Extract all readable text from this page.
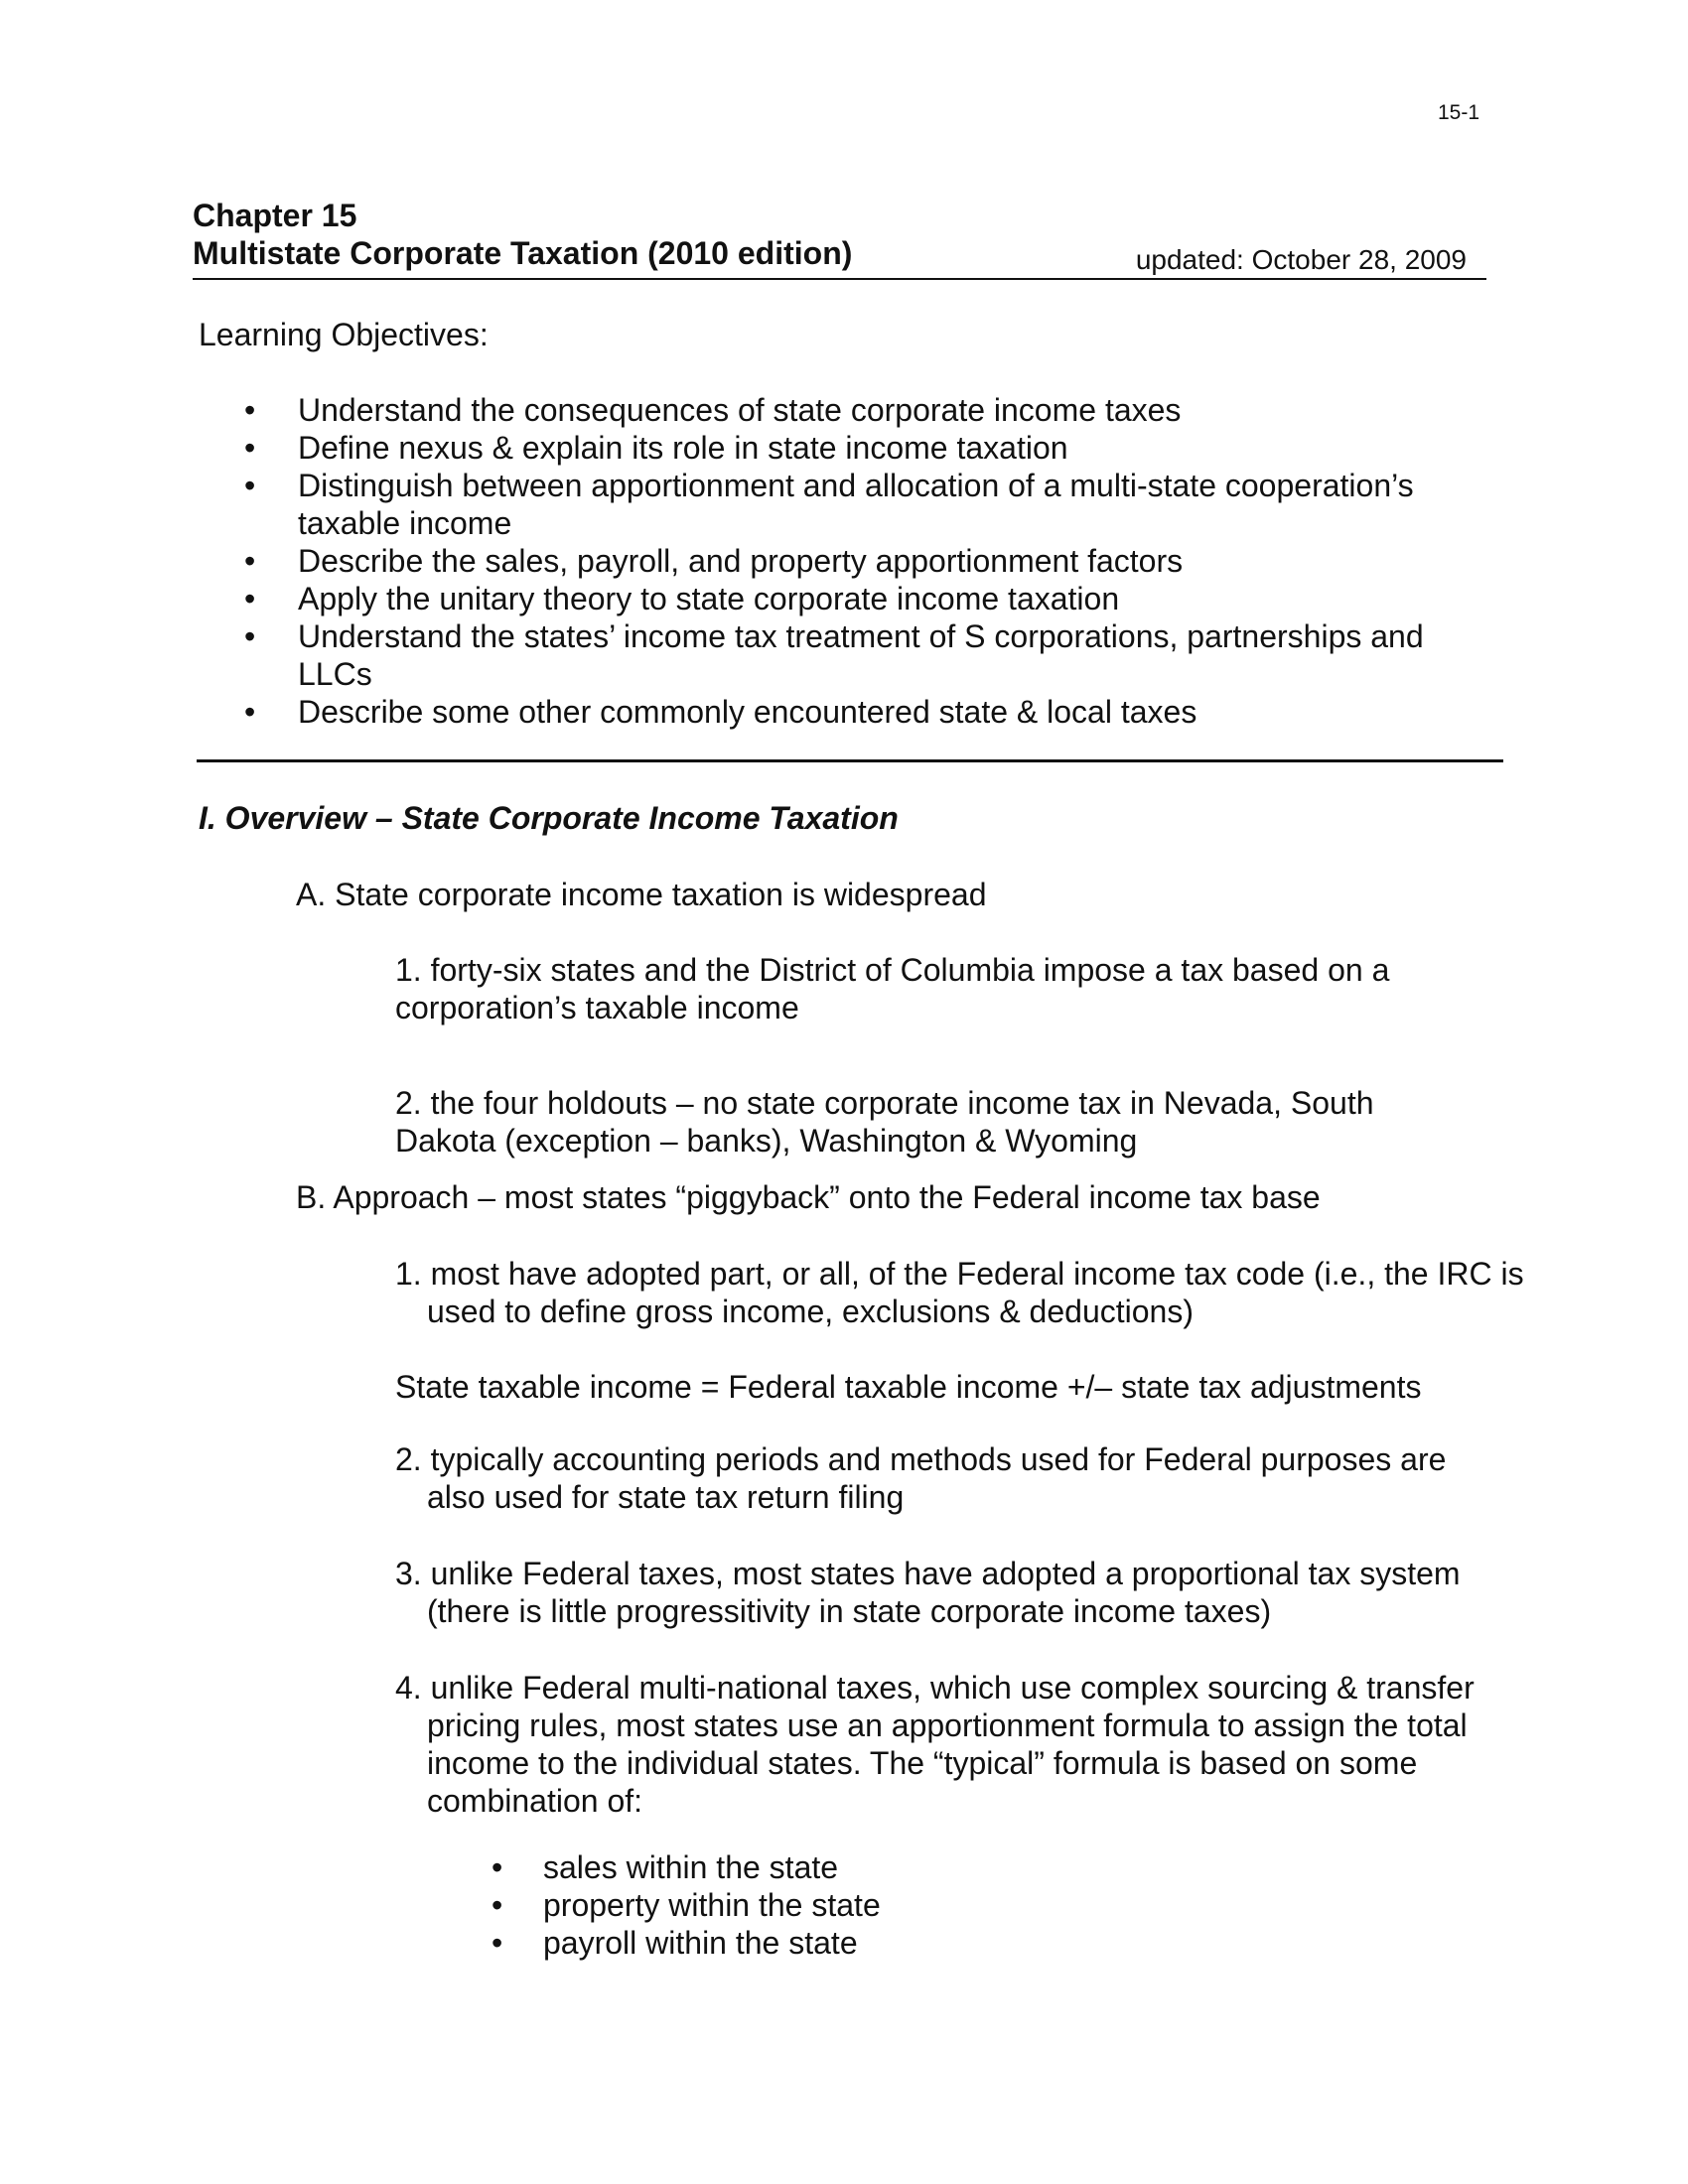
15-1

Chapter 15

Multistate Corporate Taxation (2010 edition)	updated: October 28, 2009
Learning Objectives:
• Understand the consequences of state corporate income taxes
• Define nexus & explain its role in state income taxation
• Distinguish between apportionment and allocation of a multi-state cooperation’s taxable income
• Describe the sales, payroll, and property apportionment factors
• Apply the unitary theory to state corporate income taxation
• Understand the states’ income tax treatment of S corporations, partnerships and LLCs
• Describe some other commonly encountered state & local taxes
I. Overview – State Corporate Income Taxation

A. State corporate income taxation is widespread

1. forty-six states and the District of Columbia impose a tax based on a corporation’s taxable income

2. the four holdouts – no state corporate income tax in Nevada, South Dakota (exception – banks), Washington & Wyoming

B. Approach – most states “piggyback” onto the Federal income tax base

1. most have adopted part, or all, of the Federal income tax code (i.e., the IRC is used to define gross income, exclusions & deductions)

State taxable income = Federal taxable income +/– state tax adjustments

2. typically accounting periods and methods used for Federal purposes are also used for state tax return filing

3. unlike Federal taxes, most states have adopted a proportional tax system (there is little progressitivity in state corporate income taxes)

4. unlike Federal multi-national taxes, which use complex sourcing & transfer pricing rules, most states use an apportionment formula to assign the total income to the individual states. The “typical” formula is based on some combination of:

• sales within the state
• property within the state
• payroll within the state
